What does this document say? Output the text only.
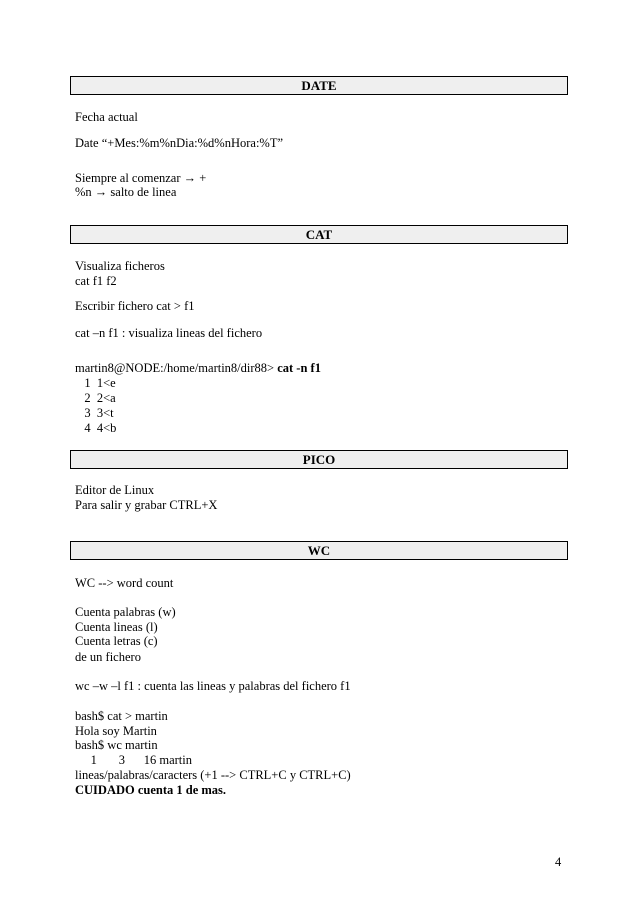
DATE
Fecha actual
Date “+Mes:%m%nDia:%d%nHora:%T”
Siempre al comenzar → +
%n → salto de linea
CAT
Visualiza ficheros
cat f1 f2
Escribir fichero cat > f1
cat –n f1 : visualiza lineas del fichero
martin8@NODE:/home/martin8/dir88> cat -n f1
1  1<e
2  2<a
3  3<t
4  4<b
PICO
Editor de Linux
Para salir y grabar CTRL+X
WC
WC --> word count
Cuenta palabras (w)
Cuenta lineas (l)
Cuenta letras (c)
de un fichero
wc –w –l f1 : cuenta las lineas y palabras del fichero f1
bash$ cat > martin
Hola soy Martin
bash$ wc martin
1       3      16 martin
lineas/palabras/caracters (+1 --> CTRL+C y CTRL+C)
CUIDADO cuenta 1 de mas.
4
